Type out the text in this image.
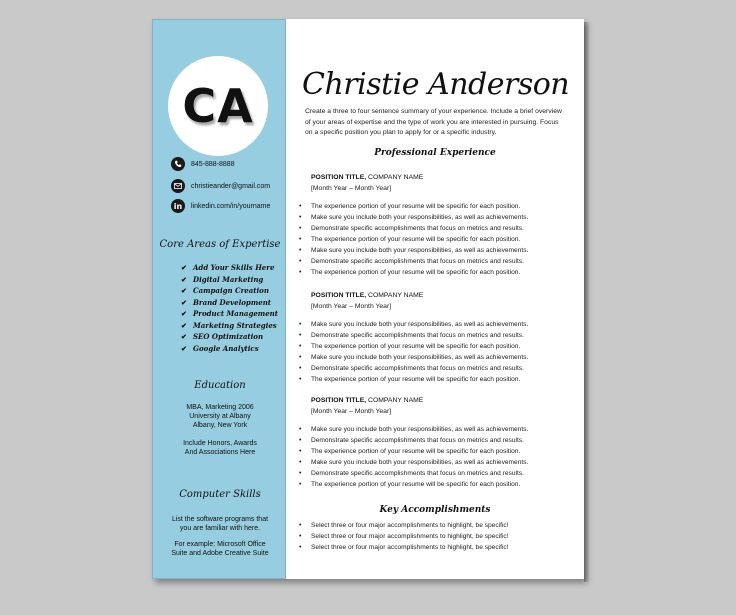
CA
845-888-8888
christieander@gmail.com
in	linkedin.com/in/yourname
Core Areas of Expertise
✔ Add Your Skills Here
✔ Digital Marketing
✔ Campaign Creation
✔ Brand Development
✔ Product Management
✔ Marketing Strategies
✔ SEO Optimization
✔ Google Analytics
Education
MBA, Marketing 2006
University at Albany
Albany, New York
Include Honors, Awards
And Associations Here
Computer Skills
List the software programs that
you are familiar with here.
For example: Microsoft Office
Suite and Adobe Creative Suite
Christie Anderson
Create a three to four sentence summary of your experience. Include a brief overview of your areas of expertise and the type of work you are interested in pursuing. Focus on a specific position you plan to apply for or a specific industry.
Professional Experience
POSITION TITLE, COMPANY NAME
[Month Year – Month Year]
• The experience portion of your resume will be specific for each position.
• Make sure you include both your responsibilities, as well as achievements.
• Demonstrate specific accomplishments that focus on metrics and results.
• The experience portion of your resume will be specific for each position.
• Make sure you include both your responsibilities, as well as achievements.
• Demonstrate specific accomplishments that focus on metrics and results.
• The experience portion of your resume will be specific for each position.
POSITION TITLE, COMPANY NAME
[Month Year – Month Year]
• Make sure you include both your responsibilities, as well as achievements.
• Demonstrate specific accomplishments that focus on metrics and results.
• The experience portion of your resume will be specific for each position.
• Make sure you include both your responsibilities, as well as achievements.
• Demonstrate specific accomplishments that focus on metrics and results.
• The experience portion of your resume will be specific for each position.
POSITION TITLE, COMPANY NAME
[Month Year – Month Year]
• Make sure you include both your responsibilities, as well as achievements.
• Demonstrate specific accomplishments that focus on metrics and results.
• The experience portion of your resume will be specific for each position.
• Make sure you include both your responsibilities, as well as achievements.
• Demonstrate specific accomplishments that focus on metrics and results.
• The experience portion of your resume will be specific for each position.
Key Accomplishments
• Select three or four major accomplishments to highlight, be specific!
• Select three or four major accomplishments to highlight, be specific!
• Select three or four major accomplishments to highlight, be specific!
